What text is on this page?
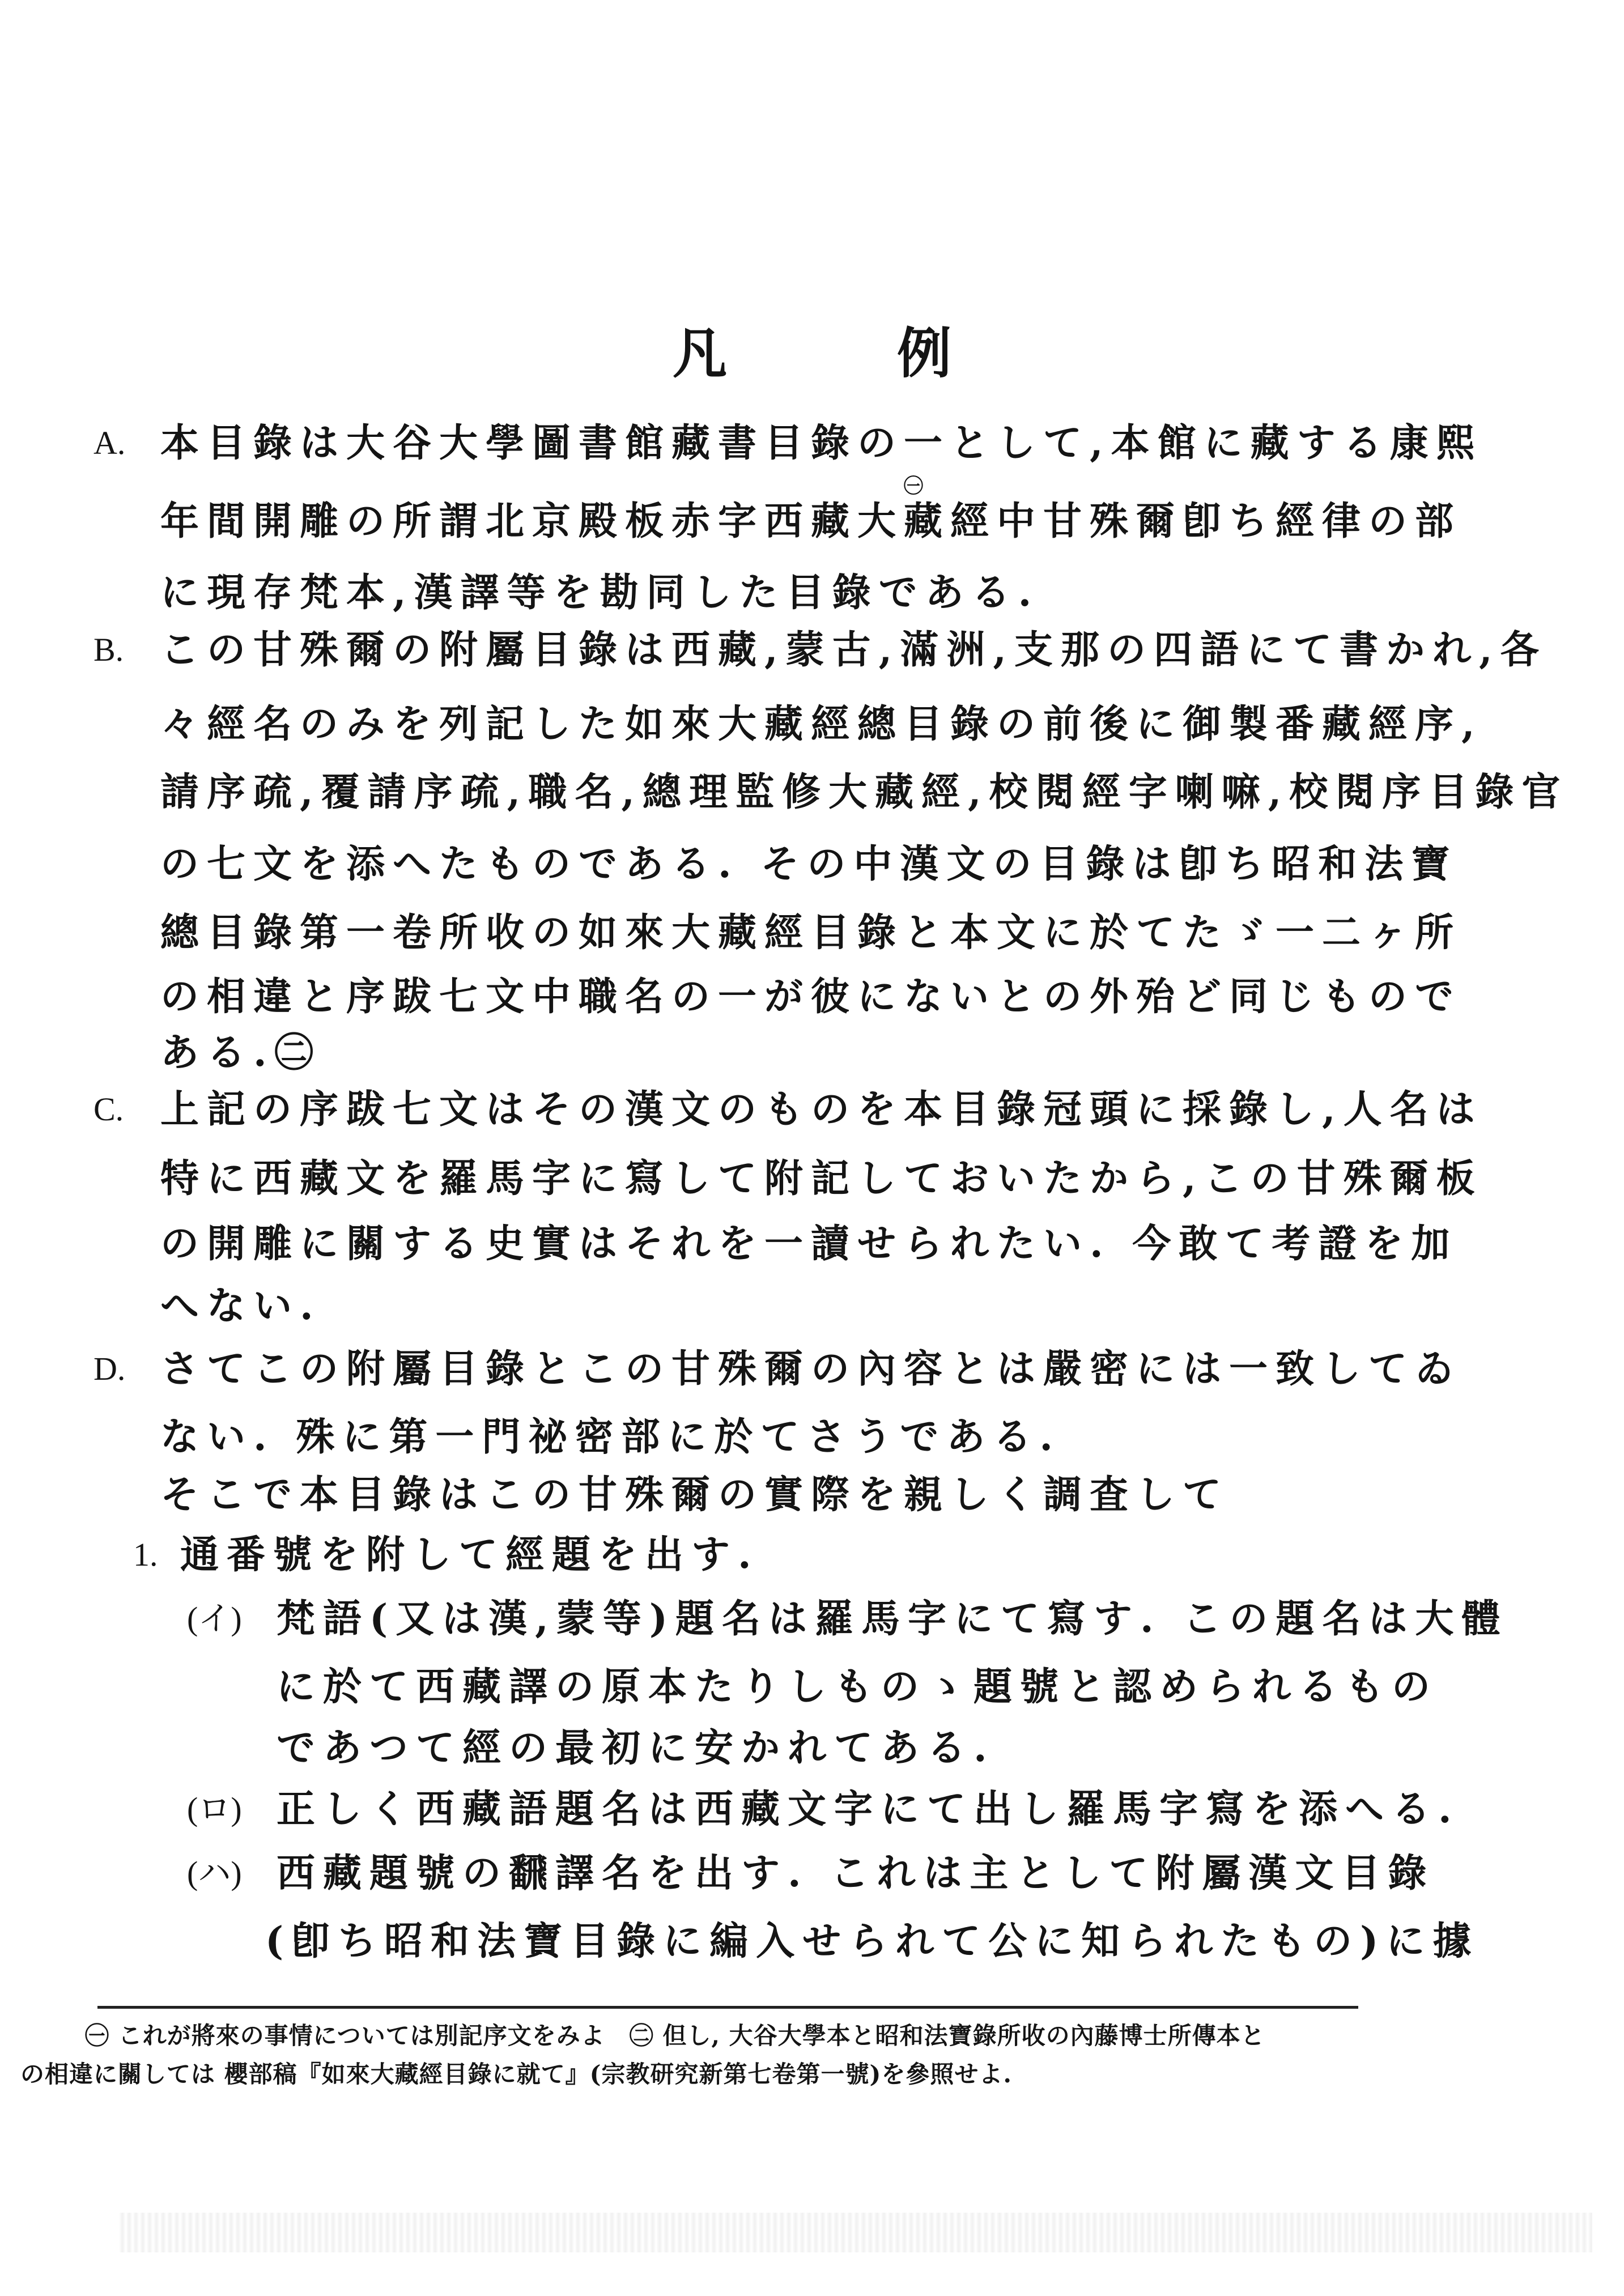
凡	例
A. 本目錄は大谷大學圖書館藏書目錄の一として,本館に藏する康熙
年間開雕の所謂北京殿板赤字西藏大藏經中甘殊爾卽ち經律の部
㊀
に現存梵本,漢譯等を勘同した目錄である.
B. この甘殊爾の附屬目錄は西藏,蒙古,滿洲,支那の四語にて書かれ,各
々經名のみを列記した如來大藏經總目錄の前後に御製番藏經序,
請序疏,覆請序疏,職名,總理監修大藏經,校閱經字喇嘛,校閱序目錄官
の七文を添へたものである. その中漢文の目錄は卽ち昭和法寶
總目錄第一卷所收の如來大藏經目錄と本文に於てたゞ一二ヶ所
の相違と序跋七文中職名の一が彼にないとの外殆ど同じもので
ある.㊁
C. 上記の序跋七文はその漢文のものを本目錄冠頭に採錄し,人名は
特に西藏文を羅馬字に寫して附記しておいたから,この甘殊爾板
の開雕に關する史實はそれを一讀せられたい. 今敢て考證を加
へない.
D. さてこの附屬目錄とこの甘殊爾の內容とは嚴密には一致してゐ
ない. 殊に第一門祕密部に於てさうである.
そこで本目錄はこの甘殊爾の實際を親しく調査して
1. 通番號を附して經題を出す.
(イ) 梵語(又は漢,蒙等)題名は羅馬字にて寫す. この題名は大體
に於て西藏譯の原本たりしものゝ題號と認められるもの
であつて經の最初に安かれてある.
(ロ) 正しく西藏語題名は西藏文字にて出し羅馬字寫を添へる.
(ハ) 西藏題號の飜譯名を出す. これは主として附屬漢文目錄
(卽ち昭和法寶目錄に編入せられて公に知られたもの)に據
㊀ これが將來の事情については別記序文をみよ　㊁ 但し, 大谷大學本と昭和法寶錄所收の內藤博士所傳本と
の相違に關しては 櫻部稿『如來大藏經目錄に就て』(宗教研究新第七卷第一號)を參照せよ.
